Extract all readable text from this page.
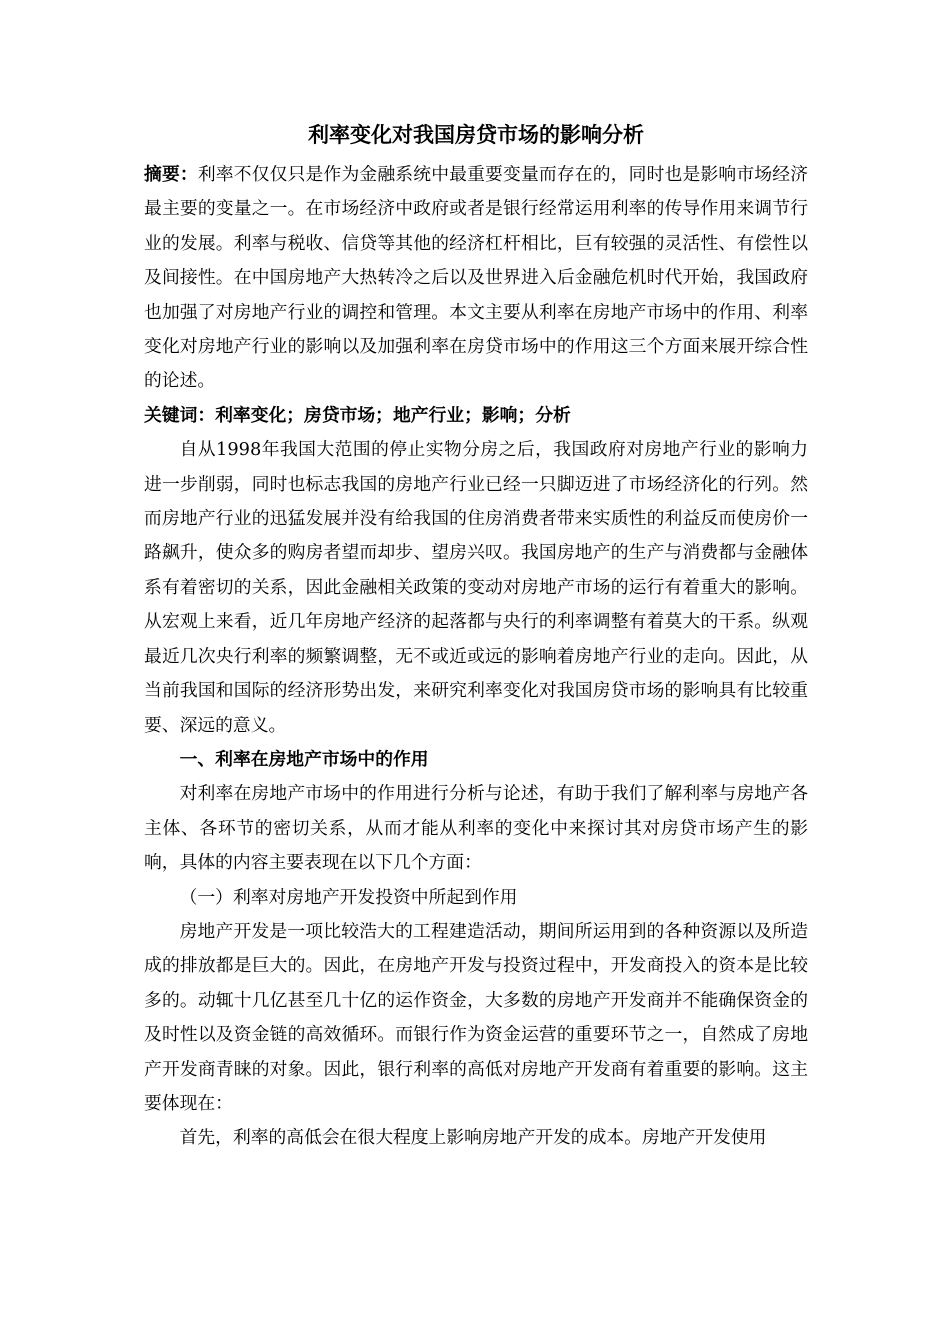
利率变化对我国房贷市场的影响分析

摘要：利率不仅仅只是作为金融系统中最重要变量而存在的，同时也是影响市场经济最主要的变量之一。在市场经济中政府或者是银行经常运用利率的传导作用来调节行业的发展。利率与税收、信贷等其他的经济杠杆相比，巨有较强的灵活性、有偿性以及间接性。在中国房地产大热转冷之后以及世界进入后金融危机时代开始，我国政府也加强了对房地产行业的调控和管理。本文主要从利率在房地产市场中的作用、利率变化对房地产行业的影响以及加强利率在房贷市场中的作用这三个方面来展开综合性的论述。

关键词：利率变化；房贷市场；地产行业；影响；分析

自从1998年我国大范围的停止实物分房之后，我国政府对房地产行业的影响力进一步削弱，同时也标志我国的房地产行业已经一只脚迈进了市场经济化的行列。然而房地产行业的迅猛发展并没有给我国的住房消费者带来实质性的利益反而使房价一路飙升，使众多的购房者望而却步、望房兴叹。我国房地产的生产与消费都与金融体系有着密切的关系，因此金融相关政策的变动对房地产市场的运行有着重大的影响。从宏观上来看，近几年房地产经济的起落都与央行的利率调整有着莫大的干系。纵观最近几次央行利率的频繁调整，无不或近或远的影响着房地产行业的走向。因此，从当前我国和国际的经济形势出发，来研究利率变化对我国房贷市场的影响具有比较重要、深远的意义。

一、利率在房地产市场中的作用

对利率在房地产市场中的作用进行分析与论述，有助于我们了解利率与房地产各主体、各环节的密切关系，从而才能从利率的变化中来探讨其对房贷市场产生的影响，具体的内容主要表现在以下几个方面：

（一）利率对房地产开发投资中所起到作用

房地产开发是一项比较浩大的工程建造活动，期间所运用到的各种资源以及所造成的排放都是巨大的。因此，在房地产开发与投资过程中，开发商投入的资本是比较多的。动辄十几亿甚至几十亿的运作资金，大多数的房地产开发商并不能确保资金的及时性以及资金链的高效循环。而银行作为资金运营的重要环节之一，自然成了房地产开发商青睐的对象。因此，银行利率的高低对房地产开发商有着重要的影响。这主要体现在：

首先，利率的高低会在很大程度上影响房地产开发的成本。房地产开发使用
